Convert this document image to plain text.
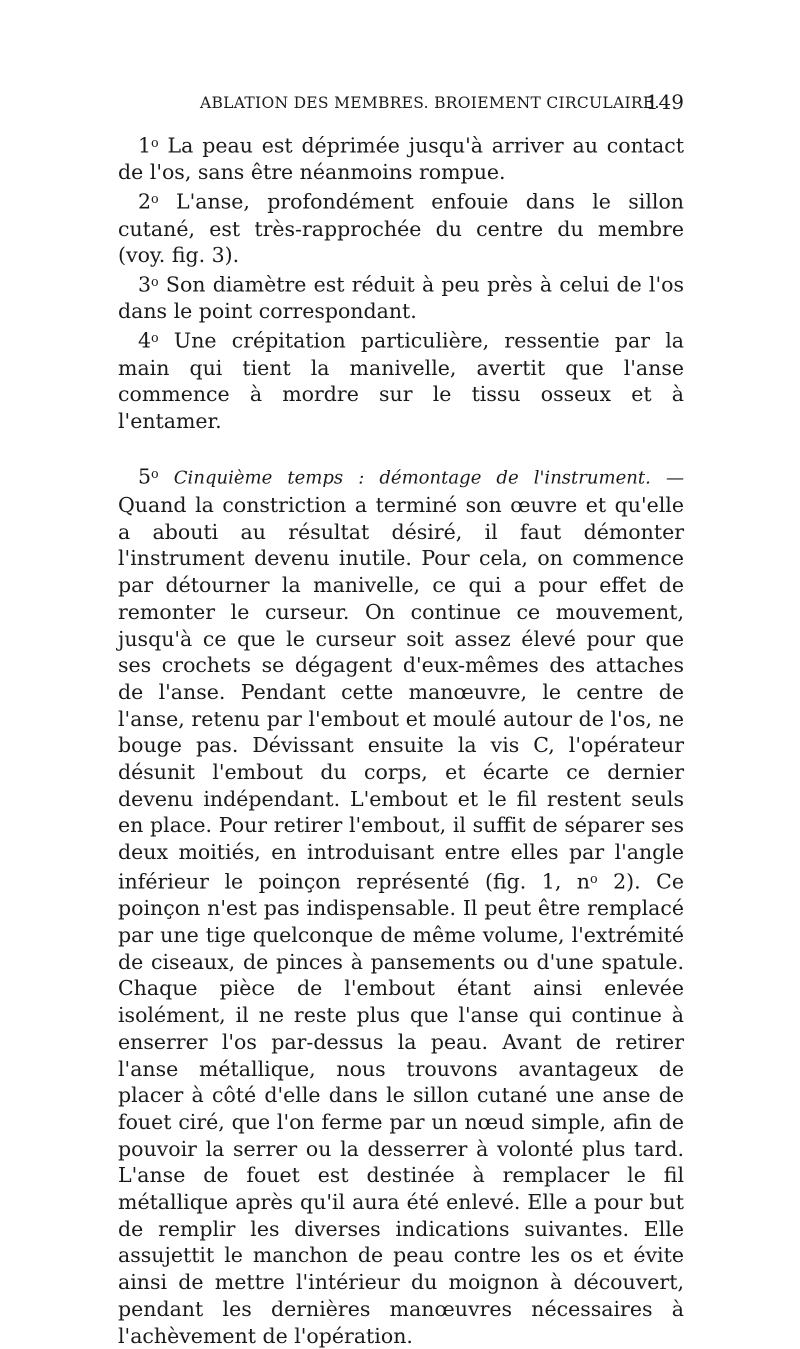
ABLATION DES MEMBRES. BROIEMENT CIRCULAIRE.
149

1$^o$ La peau est déprimée jusqu'à arriver au contact de l'os, sans être néanmoins rompue.

2$^o$ L'anse, profondément enfouie dans le sillon cutané, est très-rapprochée du centre du membre (voy. fig. 3).

3$^o$ Son diamètre est réduit à peu près à celui de l'os dans le point correspondant.

4$^o$ Une crépitation particulière, ressentie par la main qui tient la manivelle, avertit que l'anse commence à mordre sur le tissu osseux et à l'entamer.

5$^o$ Cinquième temps : démontage de l'instrument. — Quand la constriction a terminé son œuvre et qu'elle a abouti au résultat désiré, il faut démonter l'instrument devenu inutile. Pour cela, on commence par détourner la manivelle, ce qui a pour effet de remonter le curseur. On continue ce mouvement, jusqu'à ce que le curseur soit assez élevé pour que ses crochets se dégagent d'eux-mêmes des attaches de l'anse. Pendant cette manœuvre, le centre de l'anse, retenu par l'embout et moulé autour de l'os, ne bouge pas. Dévissant ensuite la vis C, l'opérateur désunit l'embout du corps, et écarte ce dernier devenu indépendant. L'embout et le fil restent seuls en place. Pour retirer l'embout, il suffit de séparer ses deux moitiés, en introduisant entre elles par l'angle inférieur le poinçon représenté (fig. 1, $n^o$ 2). Ce poinçon n'est pas indispensable. Il peut être remplacé par une tige quelconque de même volume, l'extrémité de ciseaux, de pinces à pansements ou d'une spatule. Chaque pièce de l'embout étant ainsi enlevée isolément, il ne reste plus que l'anse qui continue à enserrer l'os par-dessus la peau. Avant de retirer l'anse métallique, nous trouvons avantageux de placer à côté d'elle dans le sillon cutané une anse de fouet ciré, que l'on ferme par un nœud simple, afin de pouvoir la serrer ou la desserrer à volonté plus tard. L'anse de fouet est destinée à remplacer le fil métallique après qu'il aura été enlevé. Elle a pour but de remplir les diverses indications suivantes. Elle assujettit le manchon de peau contre les os et évite ainsi de mettre l'intérieur du moignon à découvert, pendant les dernières manœuvres nécessaires à l'achèvement de l'opération.
